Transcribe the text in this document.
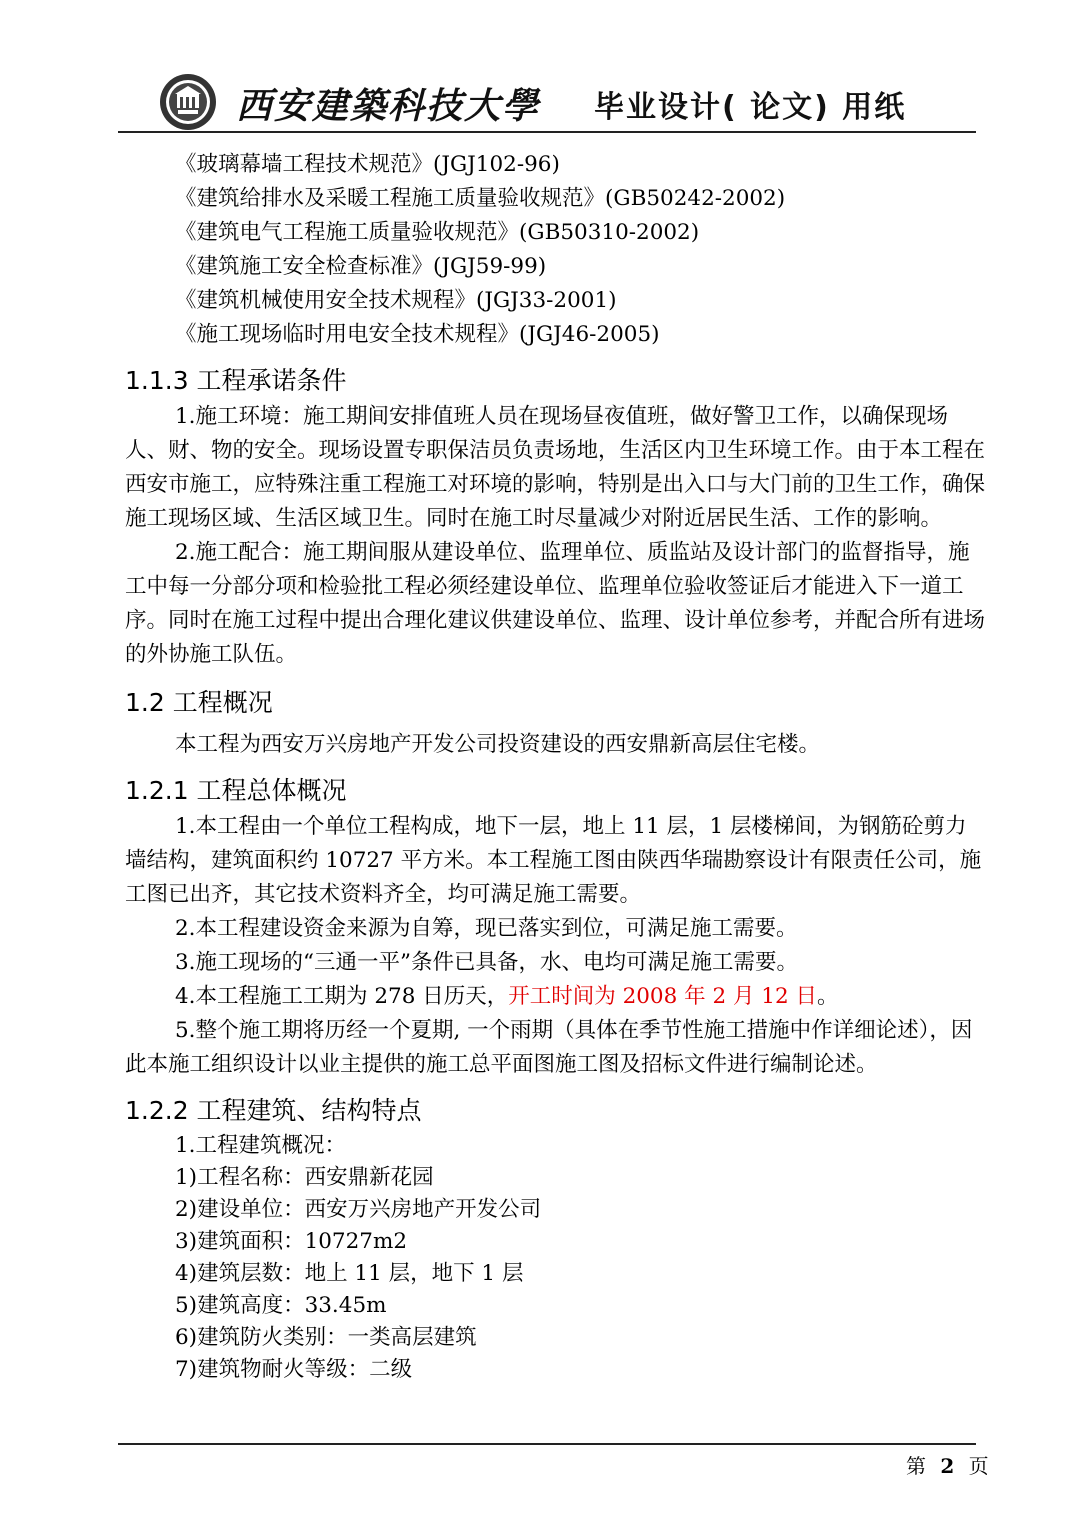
西安建築科技大學 毕业设计( 论文) 用纸

《玻璃幕墙工程技术规范》(JGJ102-96)

《建筑给排水及采暖工程施工质量验收规范》(GB50242-2002)

《建筑电气工程施工质量验收规范》(GB50310-2002)

《建筑施工安全检查标准》(JGJ59-99)

《建筑机械使用安全技术规程》(JGJ33-2001)

《施工现场临时用电安全技术规程》(JGJ46-2005)

1.1.3 工程承诺条件

1.施工环境：施工期间安排值班人员在现场昼夜值班，做好警卫工作，以确保现场人、财、物的安全。现场设置专职保洁员负责场地，生活区内卫生环境工作。由于本工程在西安市施工，应特殊注重工程施工对环境的影响，特别是出入口与大门前的卫生工作，确保施工现场区域、生活区域卫生。同时在施工时尽量减少对附近居民生活、工作的影响。

2.施工配合：施工期间服从建设单位、监理单位、质监站及设计部门的监督指导，施工中每一分部分项和检验批工程必须经建设单位、监理单位验收签证后才能进入下一道工序。同时在施工过程中提出合理化建议供建设单位、监理、设计单位参考，并配合所有进场的外协施工队伍。

1.2 工程概况

本工程为西安万兴房地产开发公司投资建设的西安鼎新高层住宅楼。

1.2.1 工程总体概况

1.本工程由一个单位工程构成，地下一层，地上 11 层，1 层楼梯间，为钢筋砼剪力墙结构，建筑面积约 10727 平方米。本工程施工图由陕西华瑞勘察设计有限责任公司，施工图已出齐，其它技术资料齐全，均可满足施工需要。

2.本工程建设资金来源为自筹，现已落实到位，可满足施工需要。

3.施工现场的“三通一平”条件已具备，水、电均可满足施工需要。

4.本工程施工工期为 278 日历天，开工时间为 2008 年 2 月 12 日。

5.整个施工期将历经一个夏期, 一个雨期（具体在季节性施工措施中作详细论述），因此本施工组织设计以业主提供的施工总平面图施工图及招标文件进行编制论述。

1.2.2 工程建筑、结构特点

1.工程建筑概况：

1)工程名称：西安鼎新花园

2)建设单位：西安万兴房地产开发公司

3)建筑面积：10727m2

4)建筑层数：地上 11 层，地下 1 层

5)建筑高度：33.45m

6)建筑防火类别：一类高层建筑

7)建筑物耐火等级：二级

第 2 页
